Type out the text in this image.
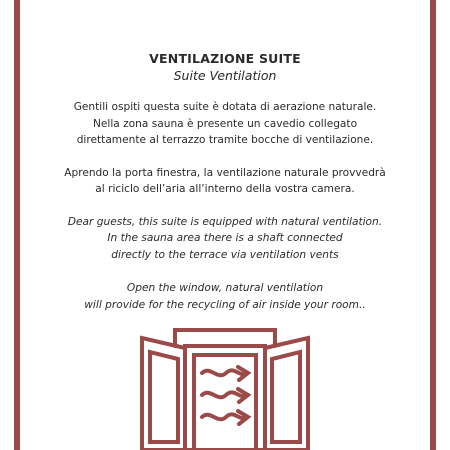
VENTILAZIONE SUITE

Suite Ventilation

Gentili ospiti questa suite è dotata di aerazione naturale.
Nella zona sauna è presente un cavedio collegato
direttamente al terrazzo tramite bocche di ventilazione.

Aprendo la porta finestra, la ventilazione naturale provvedrà
al riciclo dell’aria all’interno della vostra camera.

Dear guests, this suite is equipped with natural ventilation.
In the sauna area there is a shaft connected
directly to the terrace via ventilation vents

Open the window, natural ventilation
will provide for the recycling of air inside your room..
